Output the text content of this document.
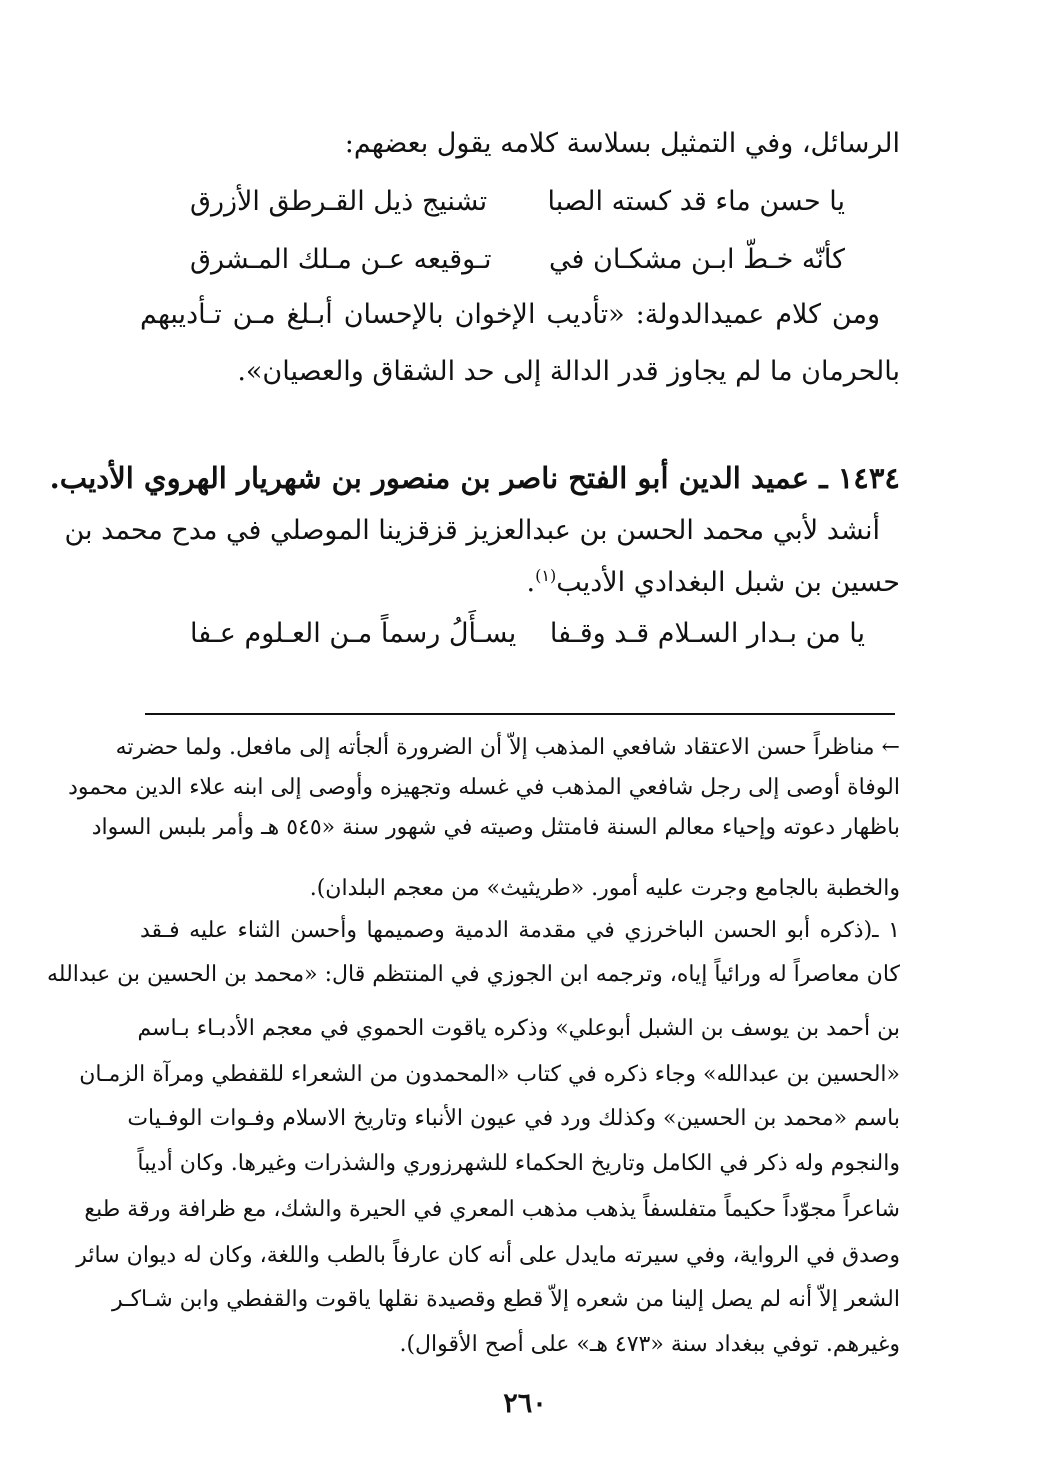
الرسائل، وفي التمثيل بسلاسة كلامه يقول بعضهم:
يا حسن ماء قد كسته الصبا
تشنيج ذيل القـرطق الأزرق
كأنّه خـطّ ابـن مشكـان في
تـوقيعه عـن مـلك المـشرق
ومن كلام عميدالدولة: «تأديب الإخوان بالإحسان أبـلغ مـن تـأديبهم
بالحرمان ما لم يجاوز قدر الدالة إلى حد الشقاق والعصيان».
١٤٣٤ ـ عميد الدين أبو الفتح ناصر بن منصور بن شهريار الهروي الأديب.
أنشد لأبي محمد الحسن بن عبدالعزيز قزقزينا الموصلي في مدح محمد بن
حسين بن شبل البغدادي الأديب$^{(١)}$.
يا من بـدار السـلام قـد وقـفا
يسـأَلُ رسماً مـن العـلوم عـفا
← مناظراً حسن الاعتقاد شافعي المذهب إلاّ أن الضرورة ألجأته إلى مافعل. ولما حضرته
الوفاة أوصى إلى رجل شافعي المذهب في غسله وتجهيزه وأوصى إلى ابنه علاء الدين محمود
باظهار دعوته وإحياء معالم السنة فامتثل وصيته في شهور سنة «٥٤٥ هـ وأمر بلبس السواد
والخطبة بالجامع وجرت عليه أمور. «طريثيث» من معجم البلدان).
١ ـ(ذكره أبو الحسن الباخرزي في مقدمة الدمية وصميمها وأحسن الثناء عليه فـقد
كان معاصراً له ورائياً إياه، وترجمه ابن الجوزي في المنتظم قال: «محمد بن الحسين بن عبدالله
بن أحمد بن يوسف بن الشبل أبوعلي» وذكره ياقوت الحموي في معجم الأدبـاء بـاسم
«الحسين بن عبدالله» وجاء ذكره في كتاب «المحمدون من الشعراء للقفطي ومرآة الزمـان
باسم «محمد بن الحسين» وكذلك ورد في عيون الأنباء وتاريخ الاسلام وفـوات الوفـيات
والنجوم وله ذكر في الكامل وتاريخ الحكماء للشهرزوري والشذرات وغيرها. وكان أديباً
شاعراً مجوّداً حكيماً متفلسفاً يذهب مذهب المعري في الحيرة والشك، مع ظرافة ورقة طبع
وصدق في الرواية، وفي سيرته مايدل على أنه كان عارفاً بالطب واللغة، وكان له ديوان سائر
الشعر إلاّ أنه لم يصل إلينا من شعره إلاّ قطع وقصيدة نقلها ياقوت والقفطي وابن شـاكـر
وغيرهم. توفي ببغداد سنة «٤٧٣ هـ» على أصح الأقوال).
٢٦٠
